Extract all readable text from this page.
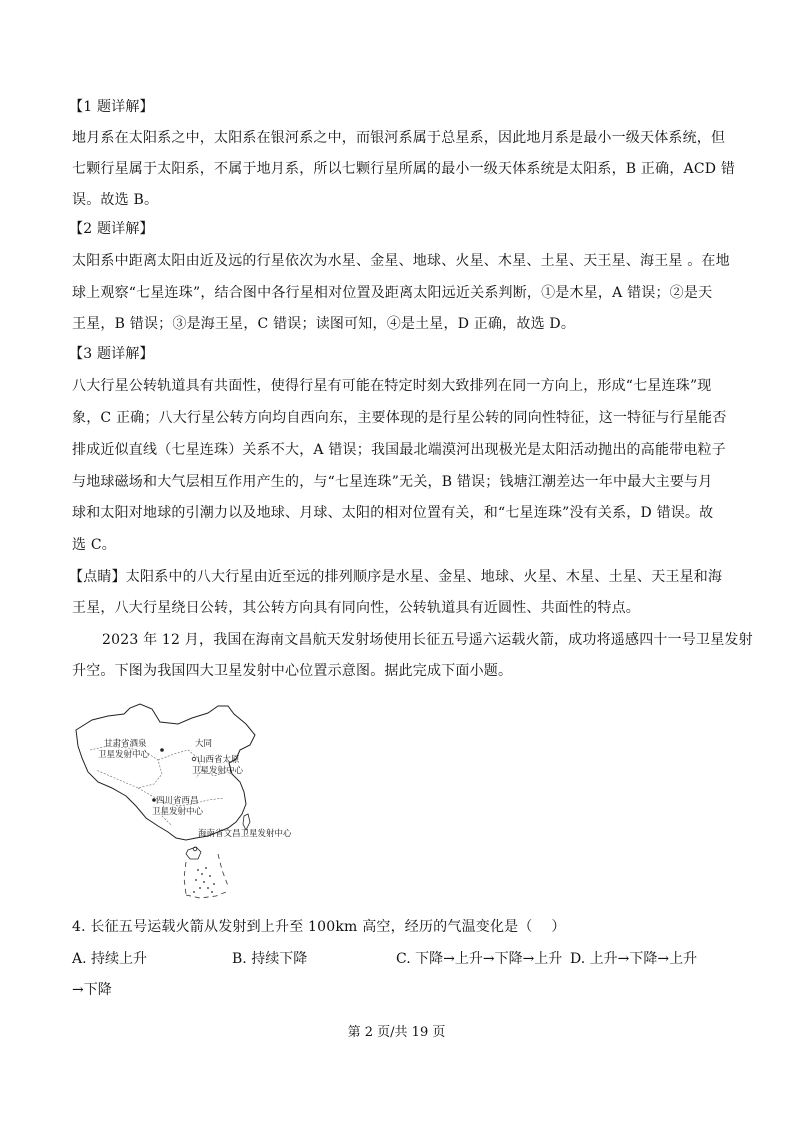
【1 题详解】
地月系在太阳系之中，太阳系在银河系之中，而银河系属于总星系，因此地月系是最小一级天体系统，但
七颗行星属于太阳系，不属于地月系，所以七颗行星所属的最小一级天体系统是太阳系，B 正确，ACD 错
误。故选 B。
【2 题详解】
太阳系中距离太阳由近及远的行星依次为水星、金星、地球、火星、木星、土星、天王星、海王星 。在地
球上观察“七星连珠”，结合图中各行星相对位置及距离太阳远近关系判断，①是木星，A 错误；②是天
王星，B 错误；③是海王星，C 错误；读图可知，④是土星，D 正确，故选 D。
【3 题详解】
八大行星公转轨道具有共面性，使得行星有可能在特定时刻大致排列在同一方向上，形成“七星连珠”现
象，C 正确；八大行星公转方向均自西向东，主要体现的是行星公转的同向性特征，这一特征与行星能否
排成近似直线（七星连珠）关系不大，A 错误；我国最北端漠河出现极光是太阳活动抛出的高能带电粒子
与地球磁场和大气层相互作用产生的，与“七星连珠”无关，B 错误；钱塘江潮差达一年中最大主要与月
球和太阳对地球的引潮力以及地球、月球、太阳的相对位置有关，和“七星连珠”没有关系，D 错误。故
选 C。
【点睛】太阳系中的八大行星由近至远的排列顺序是水星、金星、地球、火星、木星、土星、天王星和海
王星，八大行星绕日公转，其公转方向具有同向性，公转轨道具有近圆性、共面性的特点。
2023 年 12 月，我国在海南文昌航天发射场使用长征五号遥六运载火箭，成功将遥感四十一号卫星发射
升空。下图为我国四大卫星发射中心位置示意图。据此完成下面小题。
甘肃省酒泉
卫星发射中心
大同
山西省太原
卫星发射中心
四川省西昌
卫星发射中心
海南省文昌卫星发射中心
4. 长征五号运载火箭从发射到上升至 100km 高空，经历的气温变化是（　 ）
A. 持续上升	B. 持续下降	C. 下降→上升→下降→上升 D. 上升→下降→上升
→下降
第 2 页/共 19 页
